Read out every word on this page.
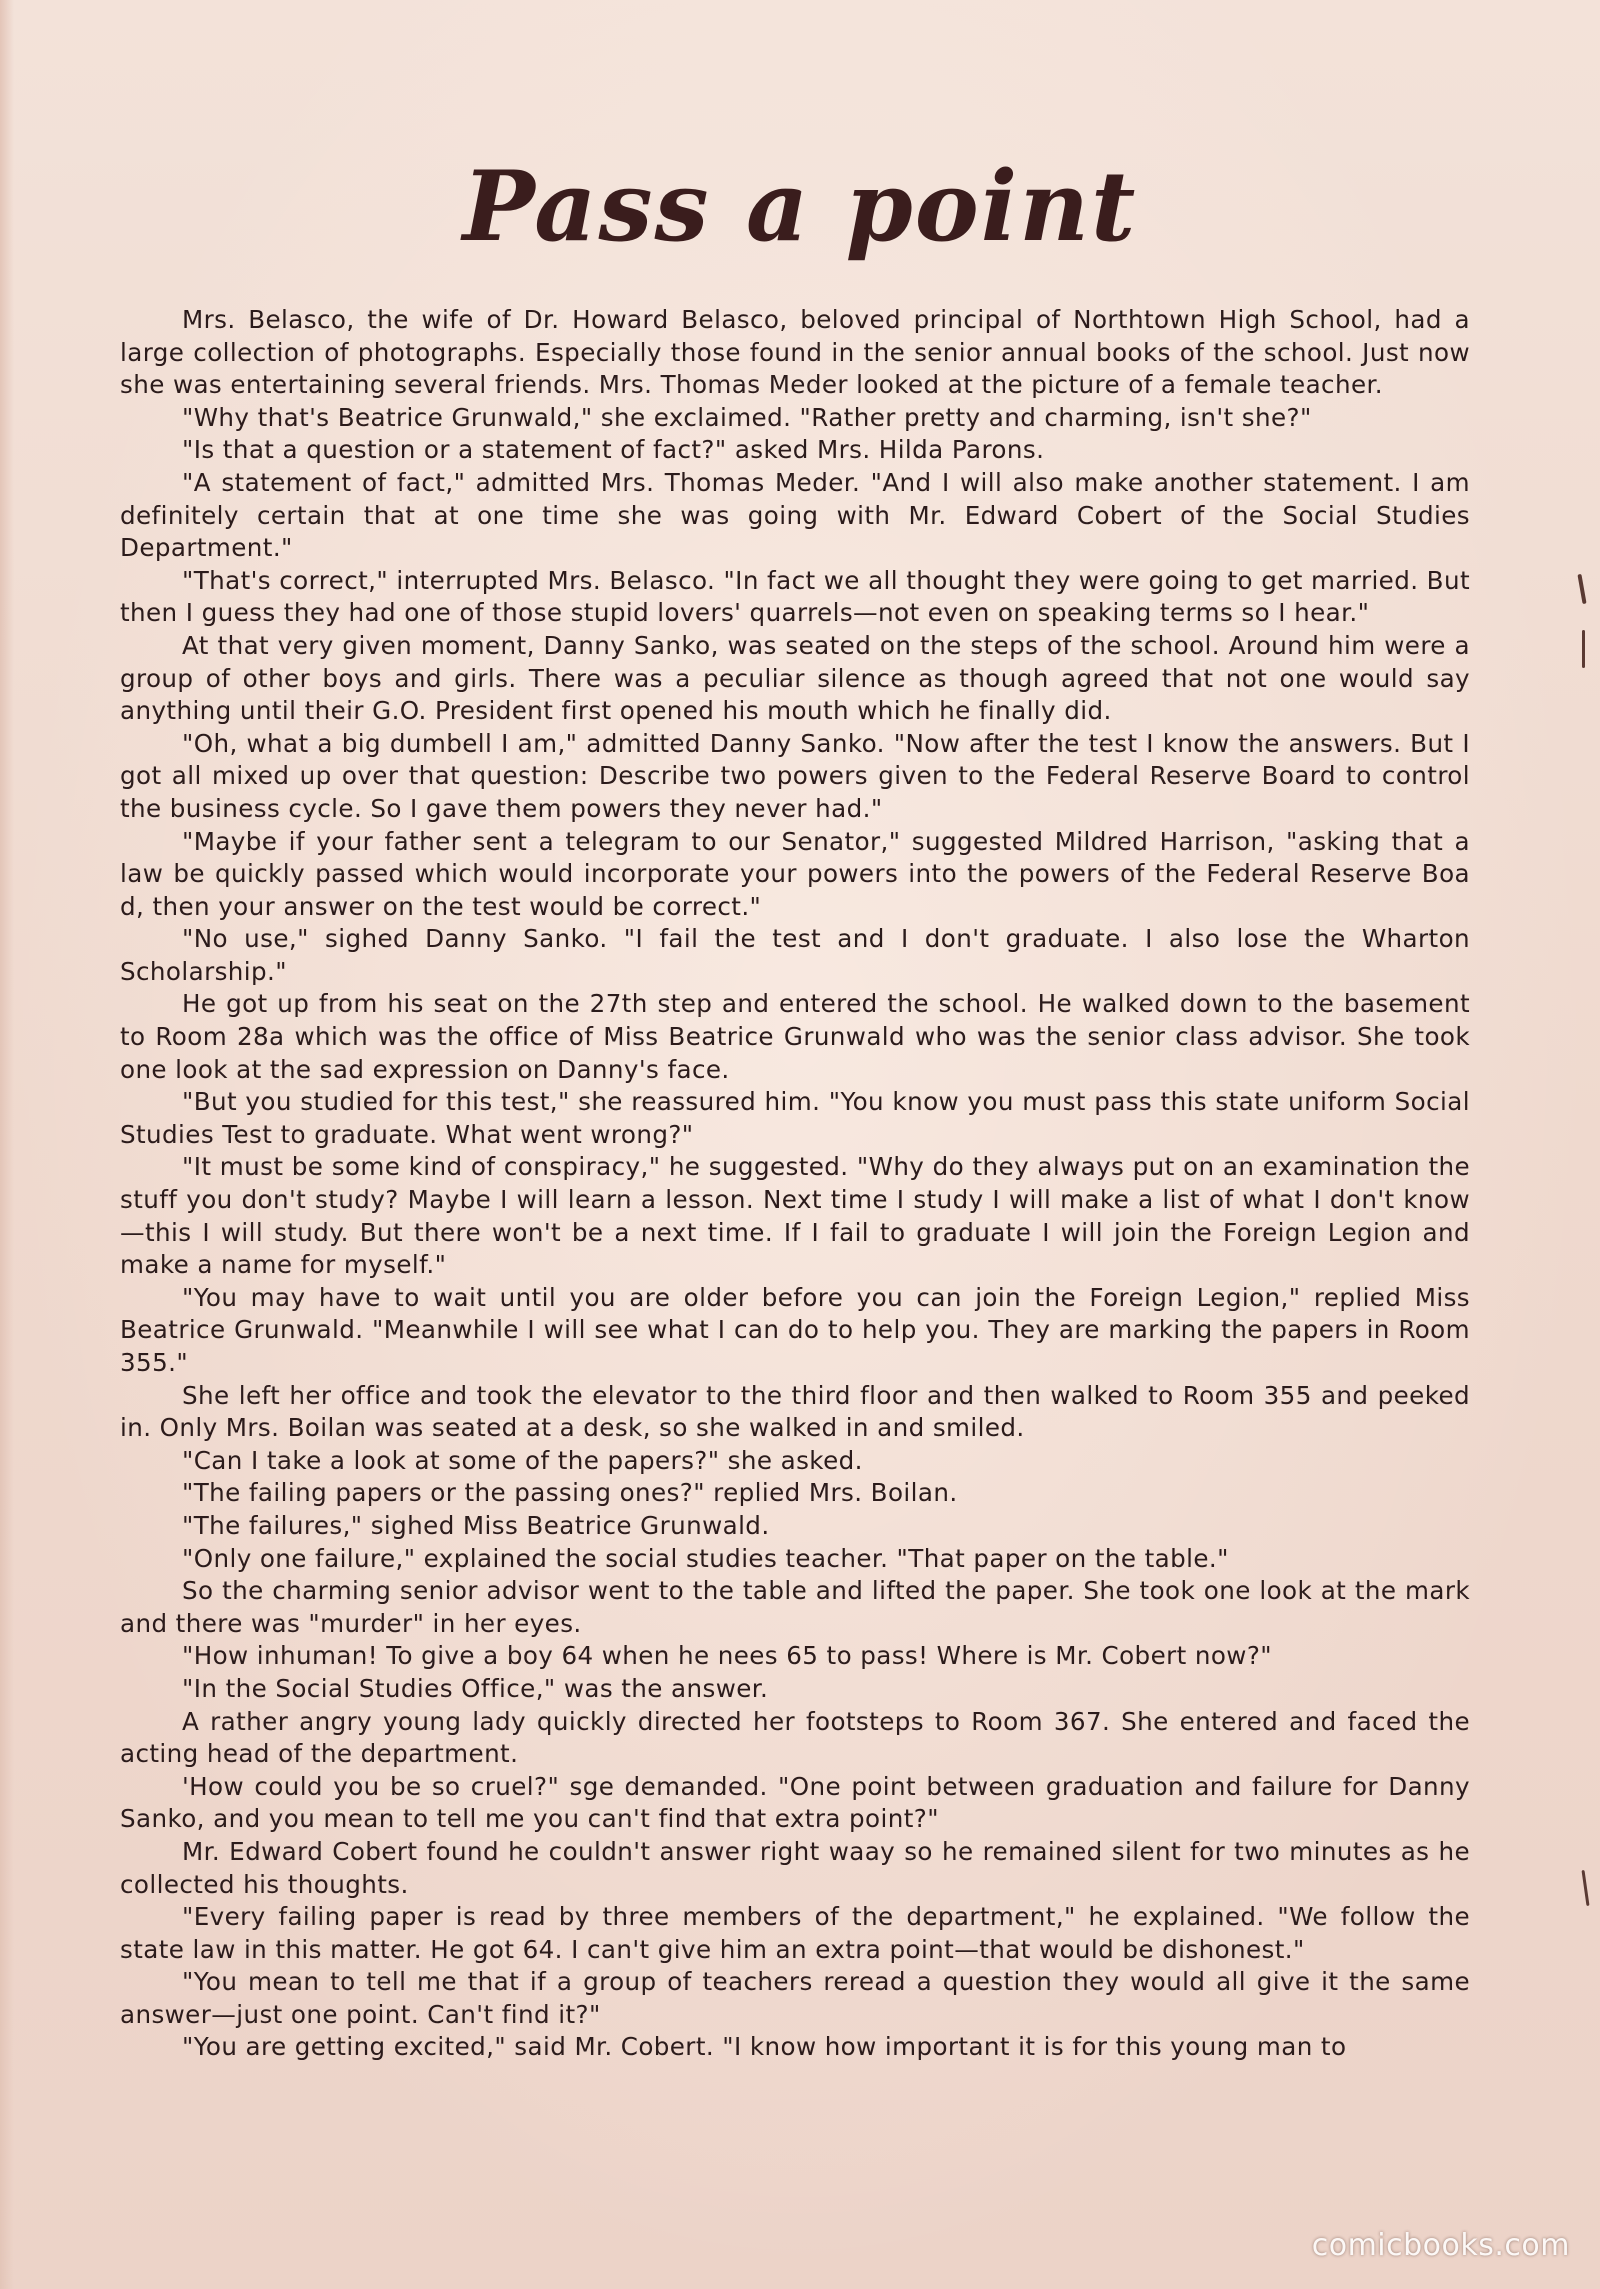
Pass a point

Mrs. Belasco, the wife of Dr. Howard Belasco, beloved principal of Northtown High School, had a large collection of photographs. Especially those found in the senior annual books of the school. Just now she was entertaining several friends. Mrs. Thomas Meder looked at the picture of a female teacher.

"Why that's Beatrice Grunwald," she exclaimed. "Rather pretty and charming, isn't she?"

"Is that a question or a statement of fact?" asked Mrs. Hilda Parons.

"A statement of fact," admitted Mrs. Thomas Meder. "And I will also make another statement. I am definitely certain that at one time she was going with Mr. Edward Cobert of the Social Studies Department."

"That's correct," interrupted Mrs. Belasco. "In fact we all thought they were going to get married. But then I guess they had one of those stupid lovers' quarrels—not even on speaking terms so I hear."

At that very given moment, Danny Sanko, was seated on the steps of the school. Around him were a group of other boys and girls. There was a peculiar silence as though agreed that not one would say anything until their G.O. President first opened his mouth which he finally did.

"Oh, what a big dumbell I am," admitted Danny Sanko. "Now after the test I know the answers. But I got all mixed up over that question: Describe two powers given to the Federal Reserve Board to control the business cycle. So I gave them powers they never had."

"Maybe if your father sent a telegram to our Senator," suggested Mildred Harrison, "asking that a law be quickly passed which would incorporate your powers into the powers of the Federal Reserve Boa d, then your answer on the test would be correct."

"No use," sighed Danny Sanko. "I fail the test and I don't graduate. I also lose the Wharton Scholarship."

He got up from his seat on the 27th step and entered the school. He walked down to the basement to Room 28a which was the office of Miss Beatrice Grunwald who was the senior class advisor. She took one look at the sad expression on Danny's face.

"But you studied for this test," she reassured him. "You know you must pass this state uniform Social Studies Test to graduate. What went wrong?"

"It must be some kind of conspiracy," he suggested. "Why do they always put on an examination the stuff you don't study? Maybe I will learn a lesson. Next time I study I will make a list of what I don't know—this I will study. But there won't be a next time. If I fail to graduate I will join the Foreign Legion and make a name for myself."

"You may have to wait until you are older before you can join the Foreign Legion," replied Miss Beatrice Grunwald. "Meanwhile I will see what I can do to help you. They are marking the papers in Room 355."

She left her office and took the elevator to the third floor and then walked to Room 355 and peeked in. Only Mrs. Boilan was seated at a desk, so she walked in and smiled.

"Can I take a look at some of the papers?" she asked.

"The failing papers or the passing ones?" replied Mrs. Boilan.

"The failures," sighed Miss Beatrice Grunwald.

"Only one failure," explained the social studies teacher. "That paper on the table."

So the charming senior advisor went to the table and lifted the paper. She took one look at the mark and there was "murder" in her eyes.

"How inhuman! To give a boy 64 when he nees 65 to pass! Where is Mr. Cobert now?"

"In the Social Studies Office," was the answer.

A rather angry young lady quickly directed her footsteps to Room 367. She entered and faced the acting head of the department.

'How could you be so cruel?" sge demanded. "One point between graduation and failure for Danny Sanko, and you mean to tell me you can't find that extra point?"

Mr. Edward Cobert found he couldn't answer right waay so he remained silent for two minutes as he collected his thoughts.

"Every failing paper is read by three members of the department," he explained. "We follow the state law in this matter. He got 64. I can't give him an extra point—that would be dishonest."

"You mean to tell me that if a group of teachers reread a question they would all give it the same answer—just one point. Can't find it?"

"You are getting excited," said Mr. Cobert. "I know how important it is for this young man to

comicbooks.com
